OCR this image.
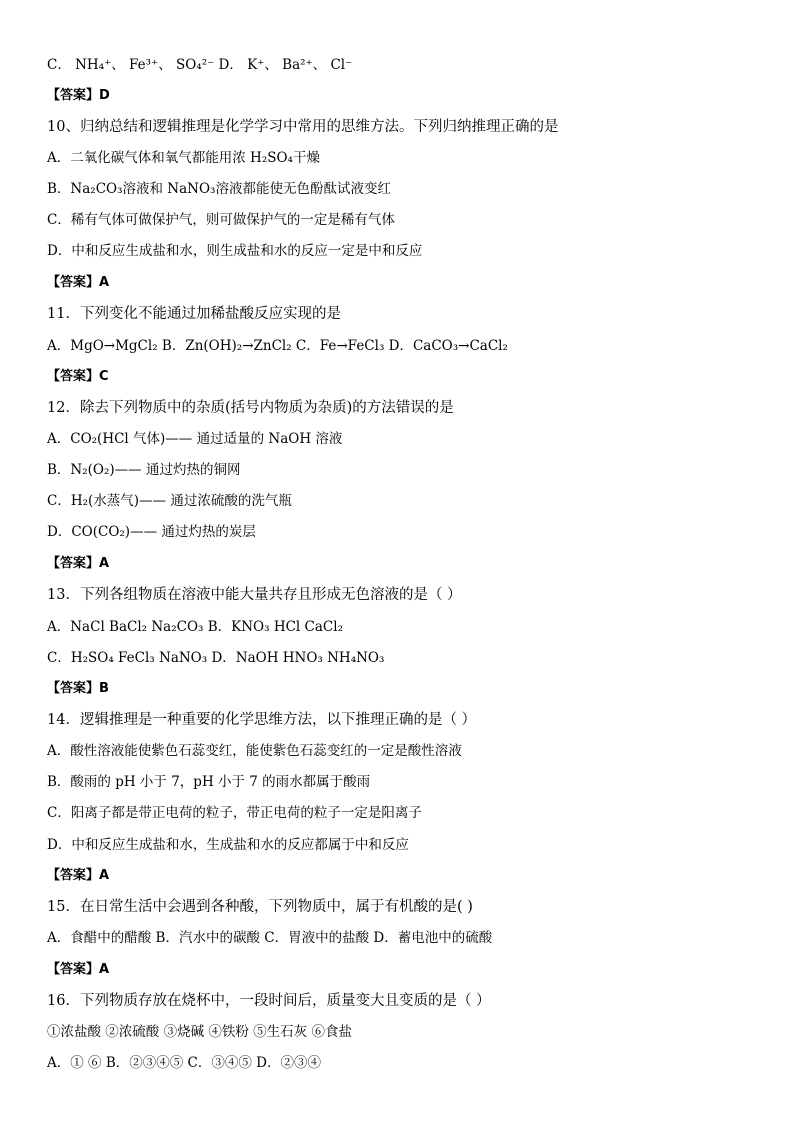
C． NH₄⁺、 Fe³⁺、 SO₄²⁻ D． K⁺、 Ba²⁺、 Cl⁻
【答案】D
10、归纳总结和逻辑推理是化学学习中常用的思维方法。下列归纳推理正确的是
A．二氧化碳气体和氧气都能用浓 H₂SO₄干燥
B．Na₂CO₃溶液和 NaNO₃溶液都能使无色酚酞试液变红
C．稀有气体可做保护气，则可做保护气的一定是稀有气体
D．中和反应生成盐和水，则生成盐和水的反应一定是中和反应
【答案】A
11．下列变化不能通过加稀盐酸反应实现的是
A．MgO→MgCl₂ B．Zn(OH)₂→ZnCl₂ C．Fe→FeCl₃ D．CaCO₃→CaCl₂
【答案】C
12．除去下列物质中的杂质(括号内物质为杂质)的方法错误的是
A．CO₂(HCl 气体)—— 通过适量的 NaOH 溶液
B．N₂(O₂)—— 通过灼热的铜网
C．H₂(水蒸气)—— 通过浓硫酸的洗气瓶
D．CO(CO₂)—— 通过灼热的炭层
【答案】A
13．下列各组物质在溶液中能大量共存且形成无色溶液的是（ ）
A．NaCl BaCl₂ Na₂CO₃ B．KNO₃ HCl CaCl₂
C．H₂SO₄ FeCl₃ NaNO₃ D．NaOH HNO₃ NH₄NO₃
【答案】B
14．逻辑推理是一种重要的化学思维方法，以下推理正确的是（ ）
A．酸性溶液能使紫色石蕊变红，能使紫色石蕊变红的一定是酸性溶液
B．酸雨的 pH 小于 7，pH 小于 7 的雨水都属于酸雨
C．阳离子都是带正电荷的粒子，带正电荷的粒子一定是阳离子
D．中和反应生成盐和水，生成盐和水的反应都属于中和反应
【答案】A
15．在日常生活中会遇到各种酸，下列物质中，属于有机酸的是( )
A．食醋中的醋酸 B．汽水中的碳酸 C．胃液中的盐酸 D．蓄电池中的硫酸
【答案】A
16．下列物质存放在烧杯中，一段时间后，质量变大且变质的是（ ）
①浓盐酸 ②浓硫酸 ③烧碱 ④铁粉 ⑤生石灰 ⑥食盐
A．① ⑥ B．②③④⑤ C．③④⑤ D．②③④
